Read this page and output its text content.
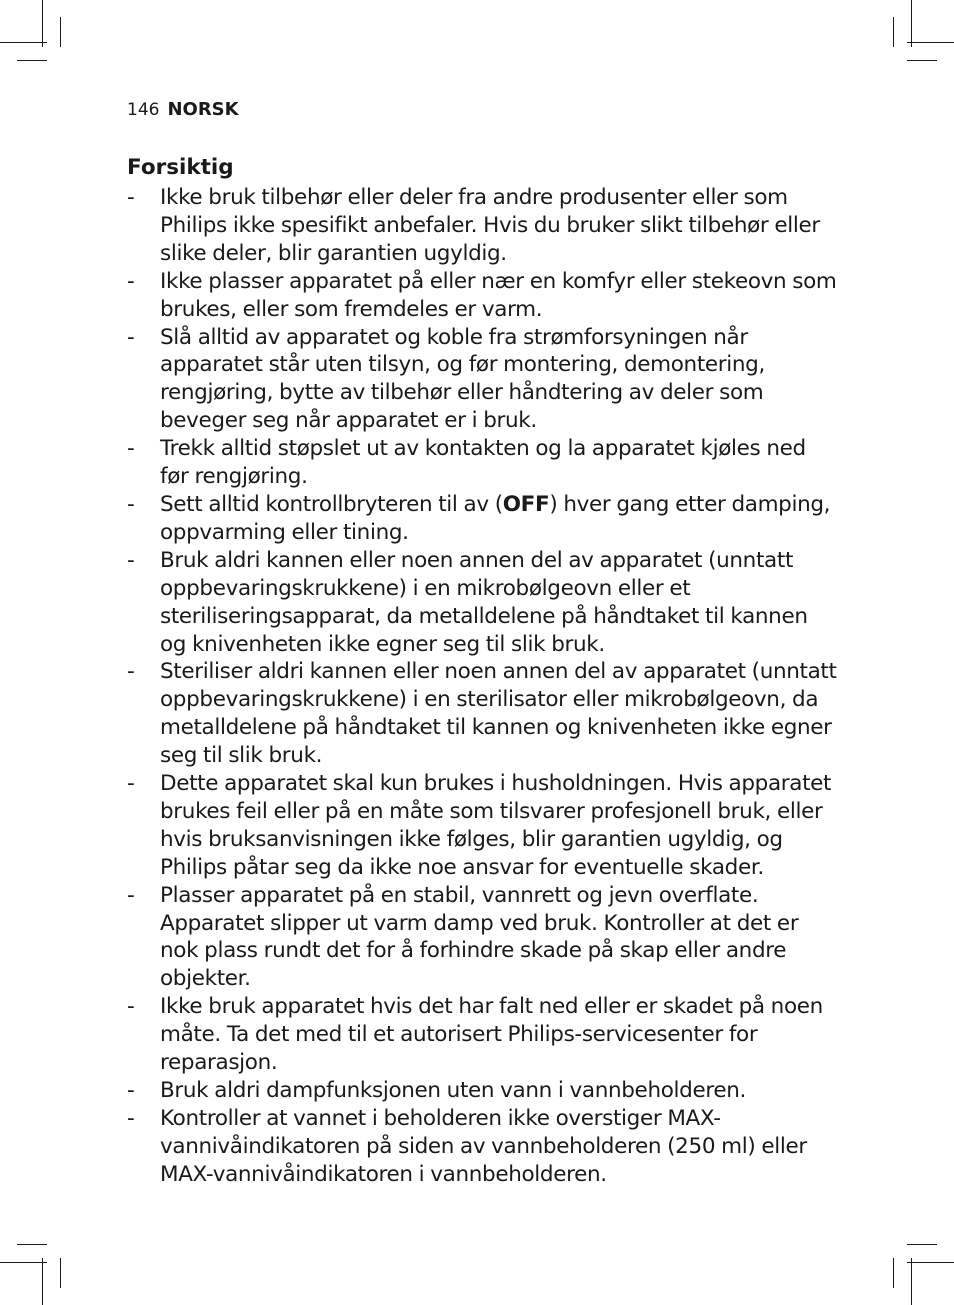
146 NORSK
Forsiktig
- Ikke bruk tilbehør eller deler fra andre produsenter eller som Philips ikke spesifikt anbefaler. Hvis du bruker slikt tilbehør eller slike deler, blir garantien ugyldig.
- Ikke plasser apparatet på eller nær en komfyr eller stekeovn som brukes, eller som fremdeles er varm.
- Slå alltid av apparatet og koble fra strømforsyningen når apparatet står uten tilsyn, og før montering, demontering, rengjøring, bytte av tilbehør eller håndtering av deler som beveger seg når apparatet er i bruk.
- Trekk alltid støpslet ut av kontakten og la apparatet kjøles ned før rengjøring.
- Sett alltid kontrollbryteren til av (OFF) hver gang etter damping, oppvarming eller tining.
- Bruk aldri kannen eller noen annen del av apparatet (unntatt oppbevaringskrukkene) i en mikrobølgeovn eller et steriliseringsapparat, da metalldelene på håndtaket til kannen og knivenheten ikke egner seg til slik bruk.
- Steriliser aldri kannen eller noen annen del av apparatet (unntatt oppbevaringskrukkene) i en sterilisator eller mikrobølgeovn, da metalldelene på håndtaket til kannen og knivenheten ikke egner seg til slik bruk.
- Dette apparatet skal kun brukes i husholdningen. Hvis apparatet brukes feil eller på en måte som tilsvarer profesjonell bruk, eller hvis bruksanvisningen ikke følges, blir garantien ugyldig, og Philips påtar seg da ikke noe ansvar for eventuelle skader.
- Plasser apparatet på en stabil, vannrett og jevn overflate. Apparatet slipper ut varm damp ved bruk. Kontroller at det er nok plass rundt det for å forhindre skade på skap eller andre objekter.
- Ikke bruk apparatet hvis det har falt ned eller er skadet på noen måte. Ta det med til et autorisert Philips-servicesenter for reparasjon.
- Bruk aldri dampfunksjonen uten vann i vannbeholderen.
- Kontroller at vannet i beholderen ikke overstiger MAX-vannivåindikatoren på siden av vannbeholderen (250 ml) eller MAX-vannivåindikatoren i vannbeholderen.
